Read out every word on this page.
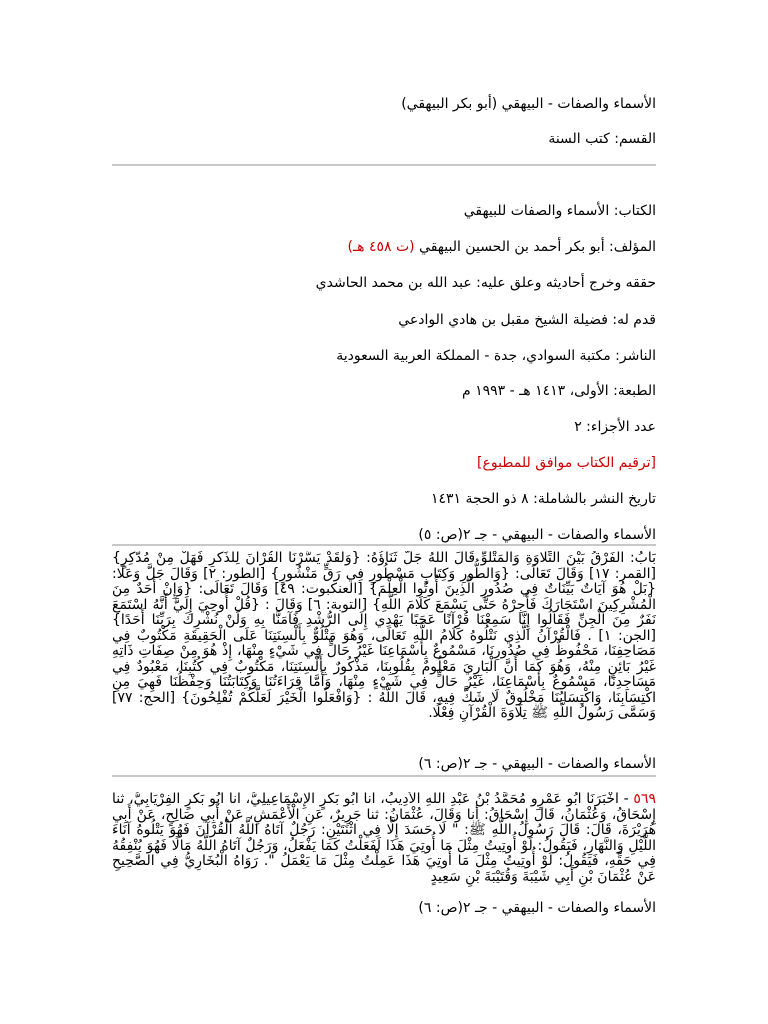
الأسماء والصفات - البيهقي (أبو بكر البيهقي)
القسم: كتب السنة
الكتاب: الأسماء والصفات للبيهقي
المؤلف: أبو بكر أحمد بن الحسين البيهقي (ت ٤٥٨ هـ)
حققه وخرج أحاديثه وعلق عليه: عبد الله بن محمد الحاشدي
قدم له: فضيلة الشيخ مقبل بن هادي الوادعي
الناشر: مكتبة السوادي، جدة - المملكة العربية السعودية
الطبعة: الأولى، ١٤١٣ هـ - ١٩٩٣ م
عدد الأجزاء: ٢
[ترقيم الكتاب موافق للمطبوع]
تاريخ النشر بالشاملة: ٨ ذو الحجة ١٤٣١
الأسماء والصفات - البيهقي - جـ ٢(ص: ٥)

بَابُ: الْفَرْقُ بَيْنَ التِّلَاوَةِ وَالْمَتْلُوِّ قَالَ اللَّهُ جَلَّ ثَنَاؤُهُ: {وَلَقَدْ يَسَّرْنَا الْقُرْآنَ لِلذِّكْرِ فَهَلْ مِنْ مُدَّكِرٍ} [القمر: ١٧] وَقَالَ تَعَالَى: {وَالطُّورِ وَكِتَابٍ مَسْطُورٍ فِي رَقٍّ مَنْشُورٍ} [الطور: ٢] وَقَالَ جَلَّ وَعَلَا: {بَلْ هُوَ آيَاتٌ بَيِّنَاتٌ فِي صُدُورِ الَّذِينَ أُوتُوا الْعِلْمَ} [العنكبوت: ٤٩] وَقَالَ تَعَالَى: {وَإِنْ أَحَدٌ مِنَ الْمُشْرِكِينَ اسْتَجَارَكَ فَأَجِرْهُ حَتَّى يَسْمَعَ كَلَامَ اللَّهِ} [التوبة: ٦] وَقَالَ : {قُلْ أُوحِيَ إِلَيَّ أَنَّهُ اسْتَمَعَ نَفَرٌ مِنَ الْجِنِّ فَقَالُوا إِنَّا سَمِعْنَا قُرْآنًا عَجَبًا يَهْدِي إِلَى الرُّشْدِ فَآمَنَّا بِهِ وَلَنْ نُشْرِكَ بِرَبِّنَا أَحَدًا} [الجن: ١] . فَالْقُرْآنُ الَّذِي نَتْلُوهُ كَلَامُ اللَّهِ تَعَالَى، وَهُوَ مَتْلُوٌّ بِأَلْسِنَتِنَا عَلَى الْحَقِيقَةِ مَكْتُوبٌ فِي مَصَاحِفِنَا، مَحْفُوظٌ فِي صُدُورِنَا، مَسْمُوعٌ بِأَسْمَاعِنَا غَيْرُ حَالٍّ فِي شَيْءٍ مِنْهَا، إِذْ هُوَ مِنْ صِفَاتِ ذَاتِهِ غَيْرُ بَائِنٍ مِنْهُ، وَهُوَ كَمَا أَنَّ الْبَارِيَ مَعْلُومٌ بِقُلُوبِنَا، مَذْكُورٌ بِأَلْسِنَتِنَا، مَكْتُوبٌ فِي كُتُبِنَا، مَعْبُودٌ فِي مَسَاجِدِنَا، مَسْمُوعٌ بِأَسْمَاعِنَا، غَيْرُ حَالٍّ فِي شَيْءٍ مِنْهَا، وَأَمَّا قِرَاءَتُنَا وَكِتَابَتُنَا وَحِفْظُنَا فَهِيَ مِنِ اكْتِسَابِنَا، وَاكْتِسَابُنَا مَخْلُوقٌ لَا شَكَّ فِيهِ، قَالَ اللَّهُ : {وَافْعَلُوا الْخَيْرَ لَعَلَّكُمْ تُفْلِحُونَ} [الحج: ٧٧] وَسَمَّى رَسُولُ اللَّهِ ﷺ تِلَاوَةَ الْقُرْآنِ فِعْلًا.

الأسماء والصفات - البيهقي - جـ ٢(ص: ٦)

٥٦٩ - أَخْبَرَنَا أَبُو عَمْرٍو مُحَمَّدُ بْنُ عَبْدِ اللَّهِ الْأَدِيبُ، أنا أَبُو بَكْرٍ الْإِسْمَاعِيلِيُّ، أنا أَبُو بَكْرٍ الْفِرْيَابِيُّ، ثنا إِسْحَاقُ، وَعُثْمَانُ، قَالَ إِسْحَاقُ: أنا وَقَالَ، عُثْمَانُ: ثنا جَرِيرٌ، عَنِ الْأَعْمَشِ، عَنْ أَبِي صَالِحٍ، عَنْ أَبِي هُرَيْرَةَ، قَالَ: قَالَ رَسُولُ اللَّهِ ﷺ: " لَا حَسَدَ إِلَّا فِي اثْنَتَيْنِ: رَجُلٌ آتَاهُ اللَّهُ الْقُرْآنَ فَهُوَ يَتْلُوهُ آنَاءَ اللَّيْلِ وَالنَّهَارِ، فَيَقُولُ: لَوْ أُوتِيتُ مِثْلَ مَا أُوتِيَ هَذَا لَفَعَلْتُ كَمَا يَفْعَلُ، وَرَجُلٌ آتَاهُ اللَّهُ مَالًا فَهُوَ يُنْفِقُهُ فِي حَقِّهِ، فَيَقُولُ: لَوْ أُوتِيتُ مِثْلَ مَا أُوتِيَ هَذَا عَمِلْتُ مِثْلَ مَا يَعْمَلُ ". رَوَاهُ الْبُخَارِيُّ فِي الصَّحِيحِ عَنْ عُثْمَانَ بْنِ أَبِي شَيْبَةَ وَقُتَيْبَةَ بْنِ سَعِيدٍ

الأسماء والصفات - البيهقي - جـ ٢(ص: ٦)
